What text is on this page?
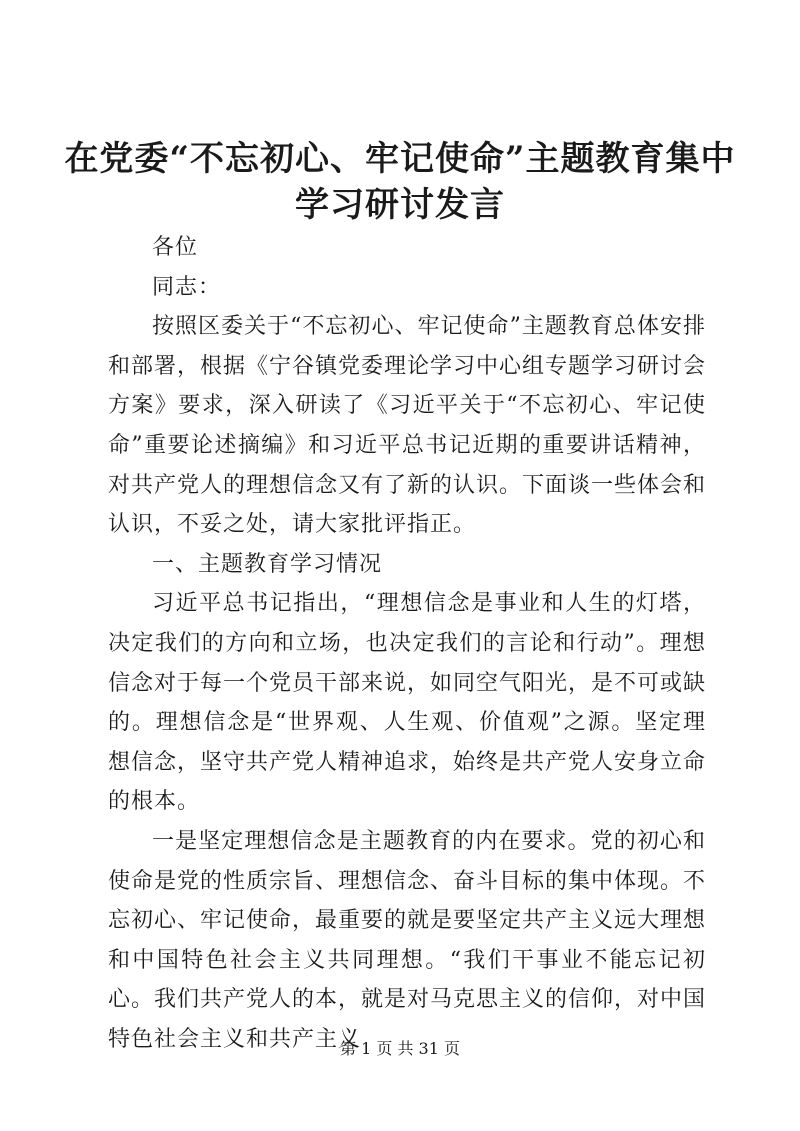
在党委“不忘初心、牢记使命”主题教育集中
学习研讨发言

各位

同志：

按照区委关于“不忘初心、牢记使命”主题教育总体安排和部署，根据《宁谷镇党委理论学习中心组专题学习研讨会方案》要求，深入研读了《习近平关于“不忘初心、牢记使命”重要论述摘编》和习近平总书记近期的重要讲话精神，对共产党人的理想信念又有了新的认识。下面谈一些体会和认识，不妥之处，请大家批评指正。

一、主题教育学习情况

习近平总书记指出，“理想信念是事业和人生的灯塔，决定我们的方向和立场，也决定我们的言论和行动”。理想信念对于每一个党员干部来说，如同空气阳光，是不可或缺的。理想信念是“世界观、人生观、价值观”之源。坚定理想信念，坚守共产党人精神追求，始终是共产党人安身立命的根本。

一是坚定理想信念是主题教育的内在要求。党的初心和使命是党的性质宗旨、理想信念、奋斗目标的集中体现。不忘初心、牢记使命，最重要的就是要坚定共产主义远大理想和中国特色社会主义共同理想。“我们干事业不能忘记初心。我们共产党人的本，就是对马克思主义的信仰，对中国特色社会主义和共产主义

第 1 页 共 31 页
